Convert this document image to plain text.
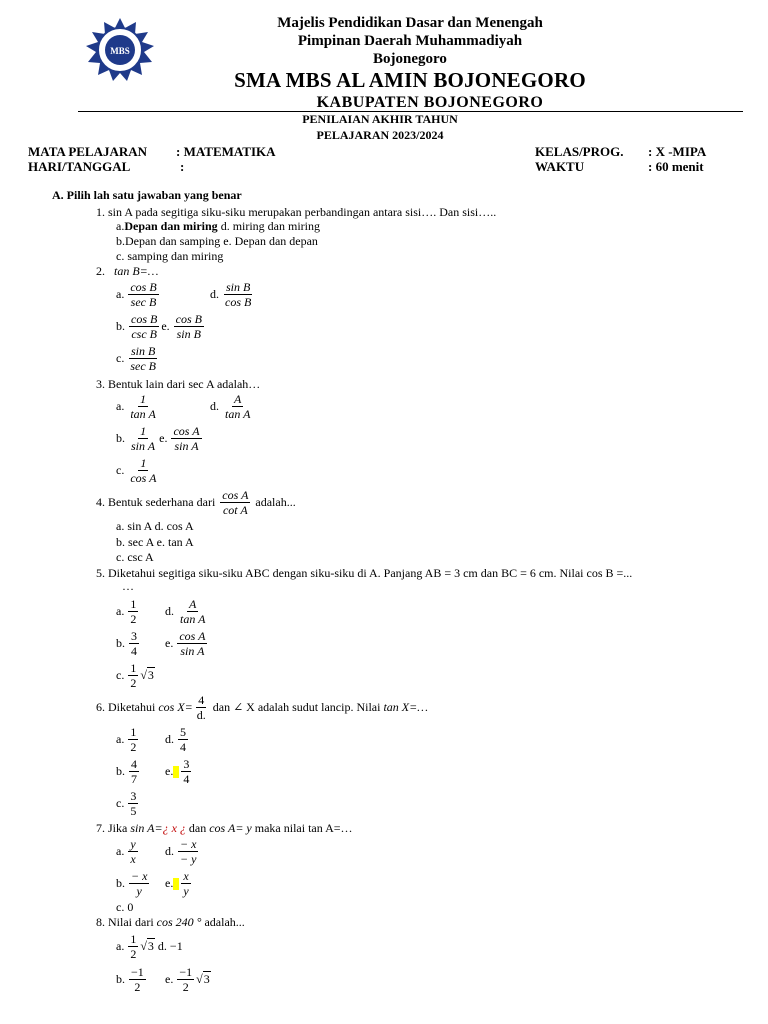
MBS
Majelis Pendidikan Dasar dan Menengah
Pimpinan Daerah Muhammadiyah
Bojonegoro
SMA MBS AL AMIN BOJONEGORO
KABUPATEN BOJONEGORO
PENILAIAN AKHIR TAHUN
PELAJARAN 2023/2024
MATA PELAJARAN : MATEMATIKA
HARI/TANGGAL	:
KELAS/PROG. : X -MIPA
WAKTU	: 60 menit
A. Pilih lah satu jawaban yang benar
1. sin A pada segitiga siku-siku merupakan perbandingan antara sisi…. Dan sisi…..
a.Depan dan miring d. miring dan miring
b.Depan dan samping e. Depan dan depan
c. samping dan miring
2. tan B=…
a. $\frac{\text{cos B}}{\text{sec B}}$	d. $\frac{\text{sin B}}{\text{cos B}}$
b. $\frac{\text{cos B}}{\text{csc B}} e$. $\frac{\text{cos B}}{\text{sin B}}$
c. $\frac{\text{sin B}}{\text{sec B}}$
3. Bentuk lain dari sec A adalah…
a. $\frac{1}{\text{tan A}}$	d. $\frac{A}{\text{tan A}}$
b. $\frac{1}{\text{sin A}} e$. $\frac{\text{cos A}}{\text{sin A}}$
c. $\frac{1}{\text{cos A}}$
4. Bentuk sederhana dari
$\frac{\text{cos A}}{\text{cot A}}$
adalah...
a. sin A d. cos A
b. sec A e. tan A
c. csc A
5. Diketahui segitiga siku-siku ABC dengan siku-siku di A. Panjang AB = 3 cm dan BC = 6 cm. Nilai cos B =...
…
a. $\frac{1}{2} d$. $\frac{A}{\text{tan A}}$
b. $\frac{3}{4} e$. $\frac{\text{cos A}}{\text{sin A}}$
c. $\frac{1}{2} √3$
6. Diketahui
$\cos X= \frac{4}{d.}$
dan ∠ X adalah sudut lancip. Nilai
tan X=…
a. $\frac{1}{2} d$. $\frac{5}{4}$
b. $\frac{4}{7} e$. $\frac{3}{4}$
c. $\frac{3}{5}$
7. Jika sin A=¿ x ¿ dan cos A= y maka nilai tan A=…
a. $\frac{y}{x} d$. $\frac{- x}{- y}$
b. $\frac{- x}{y} e$. $\frac{x}{y}$
c. 0
8. Nilai dari cos 240 ° adalah...
a. $\frac{1}{2} √3$
d. −1
b. $\frac{-1}{2} e$. $\frac{-1}{2} √3$
